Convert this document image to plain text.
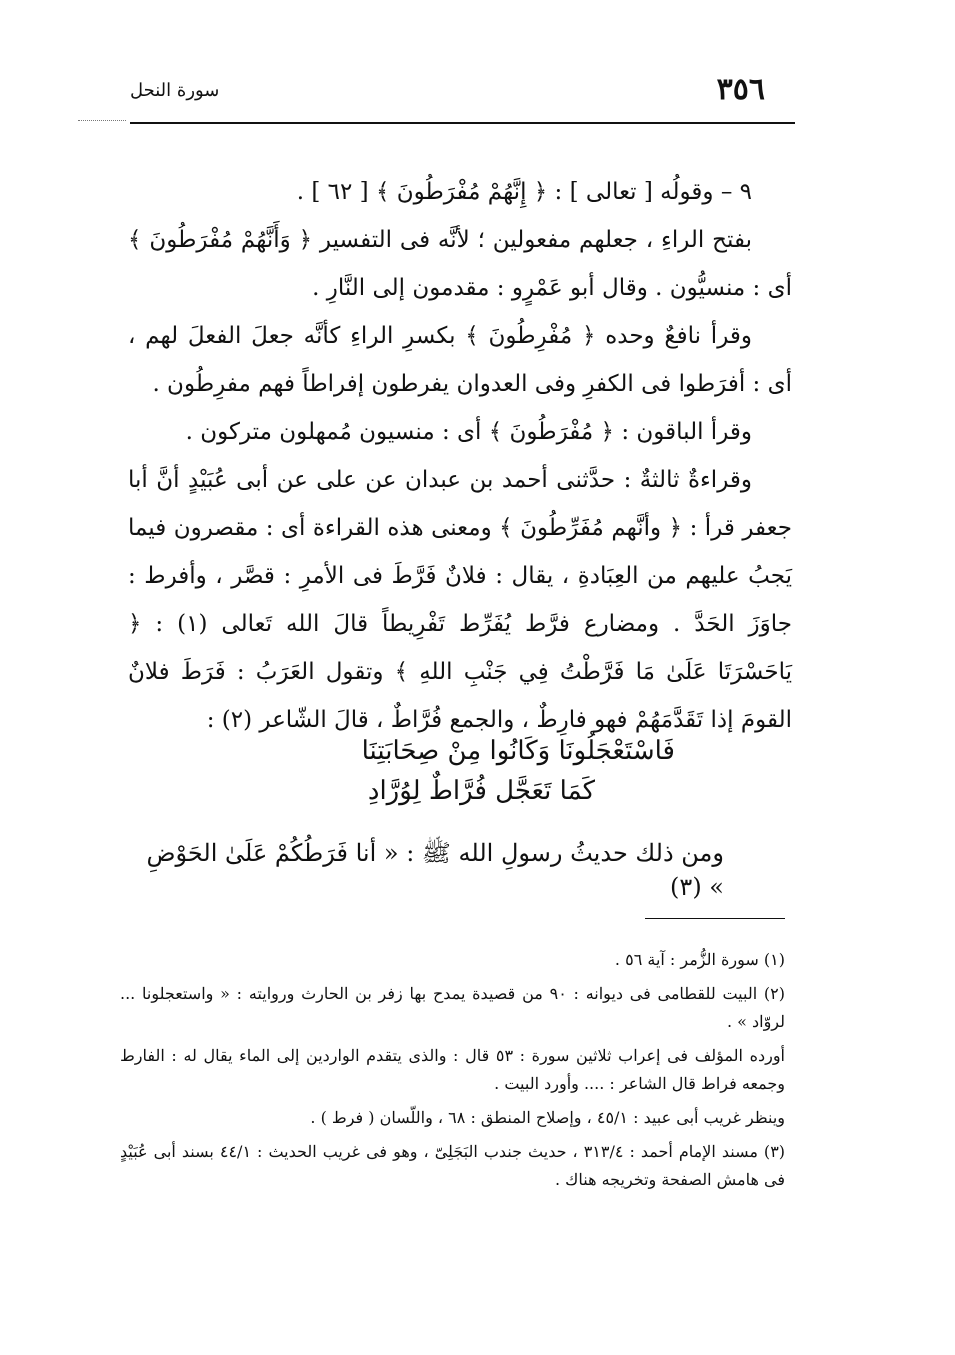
٣٥٦
سورة النحل

٩ – وقولُه [ تعالى ] : ﴿ إِنَّهُمْ مُفْرَطُونَ ﴾ [ ٦٢ ] .

بفتح الراءِ ، جعلهم مفعولين ؛ لأنَّه فى التفسير ﴿ وَأَنَّهُمْ مُفْرَطُونَ ﴾ أى : منسيُّون . وقال أبو عَمْرٍو : مقدمون إلى النَّارِ .

وقرأ نافعٌ وحده ﴿ مُفْرِطُونَ ﴾ بكسرِ الراءِ كأنَّه جعلَ الفعلَ لهم ، أى : أفرَطوا فى الكفرِ وفى العدوان يفرطون إفراطاً فهم مفرِطُون .

وقرأ الباقون : ﴿ مُفْرَطُونَ ﴾ أى : منسيون مُمهلون متركون .

وقراءةٌ ثالثةٌ : حدَّثنى أحمد بن عبدان عن على عن أبى عُبَيْدٍ أنَّ أبا جعفر قرأ : ﴿ وأنَّهم مُفَرِّطُونَ ﴾ ومعنى هذه القراءة أى : مقصرون فيما يَجبُ عليهم من العِبَادةِ ، يقال : فلانٌ فَرَّطَ فى الأمرِ : قصَّر ، وأفرط : جاوَزَ الحَدَّ . ومضارع فرَّط يُفَرِّط تَفْرِيطاً قالَ الله تَعالى (١) : ﴿ يَاحَسْرَتَا عَلَىٰ مَا فَرَّطْتُ فِي جَنْبِ اللهِ ﴾ وتقول العَرَبُ : فَرَطَ فلانٌ القومَ إذا تَقَدَّمَهُمْ فهو فارِطٌ ، والجمع فُرَّاطٌ ، قالَ الشّاعر (٢) :

فَاسْتَعْجَلُونَا وَكَانُوا مِنْ صِحَابَتِنَا
كَمَا تَعَجَّل فُرَّاطٌ لِوُرَّادِ
ومن ذلك حديثُ رسولِ الله ﷺ : « أنا فَرَطُكُمْ عَلَىٰ الحَوْضِ » (٣)

(١) سورة الزُّمر : آية ٥٦ .

(٢) البيت للقطامى فى ديوانه : ٩٠ من قصيدة يمدح بها زفر بن الحارث وروايته : « واستعجلونا ... لروّاد » .

أورده المؤلف فى إعراب ثلاثين سورة : ٥٣ قال : والذى يتقدم الواردين إلى الماء يقال له : الفارط وجمعه فراط قال الشاعر : .... وأورد البيت .

وينظر غريب أبى عبيد : ٤٥/١ ، وإصلاح المنطق : ٦٨ ، واللّسان ( فرط ) .

(٣) مسند الإمام أحمد : ٣١٣/٤ ، حديث جندب البَجَلِىّ ، وهو فى غريب الحديث : ٤٤/١ بسند أبى عُبَيْدٍ فى هامش الصفحة وتخريجه هناك .
